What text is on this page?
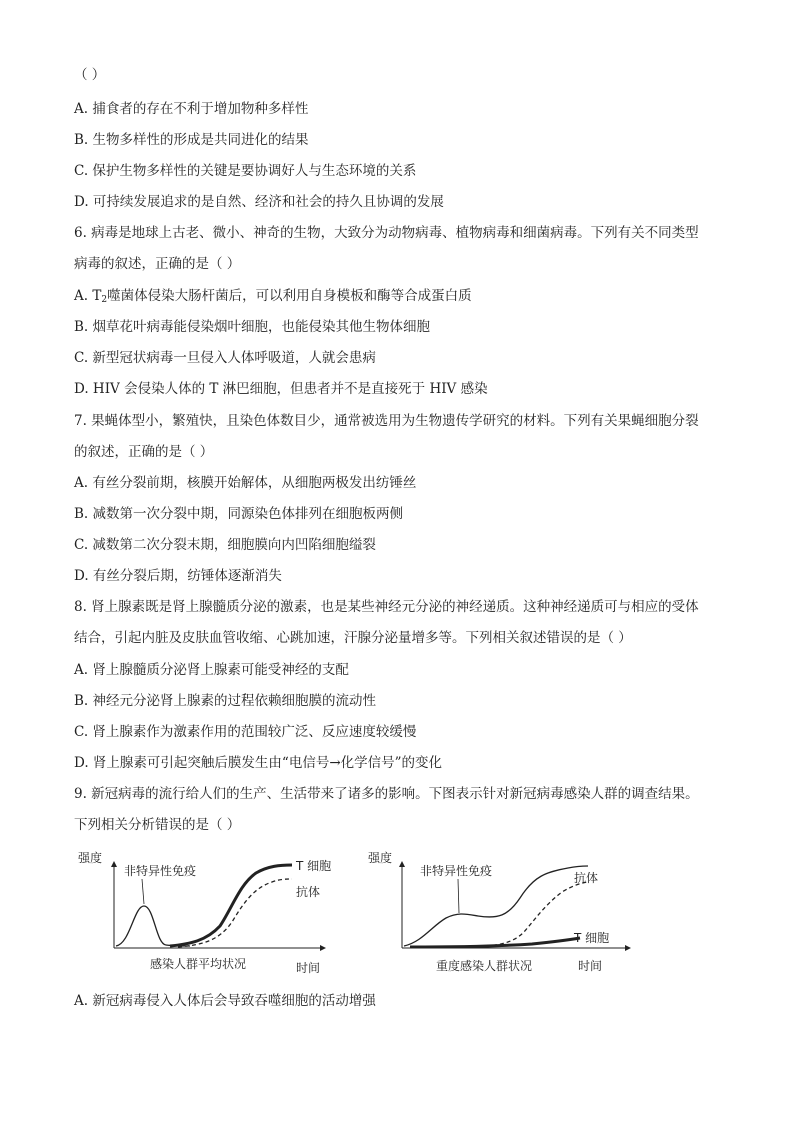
（ ）
A. 捕食者的存在不利于增加物种多样性
B. 生物多样性的形成是共同进化的结果
C. 保护生物多样性的关键是要协调好人与生态环境的关系
D. 可持续发展追求的是自然、经济和社会的持久且协调的发展
6. 病毒是地球上古老、微小、神奇的生物，大致分为动物病毒、植物病毒和细菌病毒。下列有关不同类型
病毒的叙述，正确的是（ ）
A. $T_2$噬菌体侵染大肠杆菌后，可以利用自身模板和酶等合成蛋白质
B. 烟草花叶病毒能侵染烟叶细胞，也能侵染其他生物体细胞
C. 新型冠状病毒一旦侵入人体呼吸道，人就会患病
D. HIV 会侵染人体的 T 淋巴细胞，但患者并不是直接死于 HIV 感染
7. 果蝇体型小，繁殖快，且染色体数目少，通常被选用为生物遗传学研究的材料。下列有关果蝇细胞分裂
的叙述，正确的是（ ）
A. 有丝分裂前期，核膜开始解体，从细胞两极发出纺锤丝
B. 减数第一次分裂中期，同源染色体排列在细胞板两侧
C. 减数第二次分裂末期，细胞膜向内凹陷细胞缢裂
D. 有丝分裂后期，纺锤体逐渐消失
8. 肾上腺素既是肾上腺髓质分泌的激素，也是某些神经元分泌的神经递质。这种神经递质可与相应的受体
结合，引起内脏及皮肤血管收缩、心跳加速，汗腺分泌量增多等。下列相关叙述错误的是（ ）
A. 肾上腺髓质分泌肾上腺素可能受神经的支配
B. 神经元分泌肾上腺素的过程依赖细胞膜的流动性
C. 肾上腺素作为激素作用的范围较广泛、反应速度较缓慢
D. 肾上腺素可引起突触后膜发生由“电信号→化学信号”的变化
9. 新冠病毒的流行给人们的生产、生活带来了诸多的影响。下图表示针对新冠病毒感染人群的调查结果。
下列相关分析错误的是（ ）
A. 新冠病毒侵入人体后会导致吞噬细胞的活动增强
强度
非特异性免疫	T 细胞
抗体
感染人群平均状况	时间
强度
非特异性免疫	抗体
T 细胞
重度感染人群状况	时间
